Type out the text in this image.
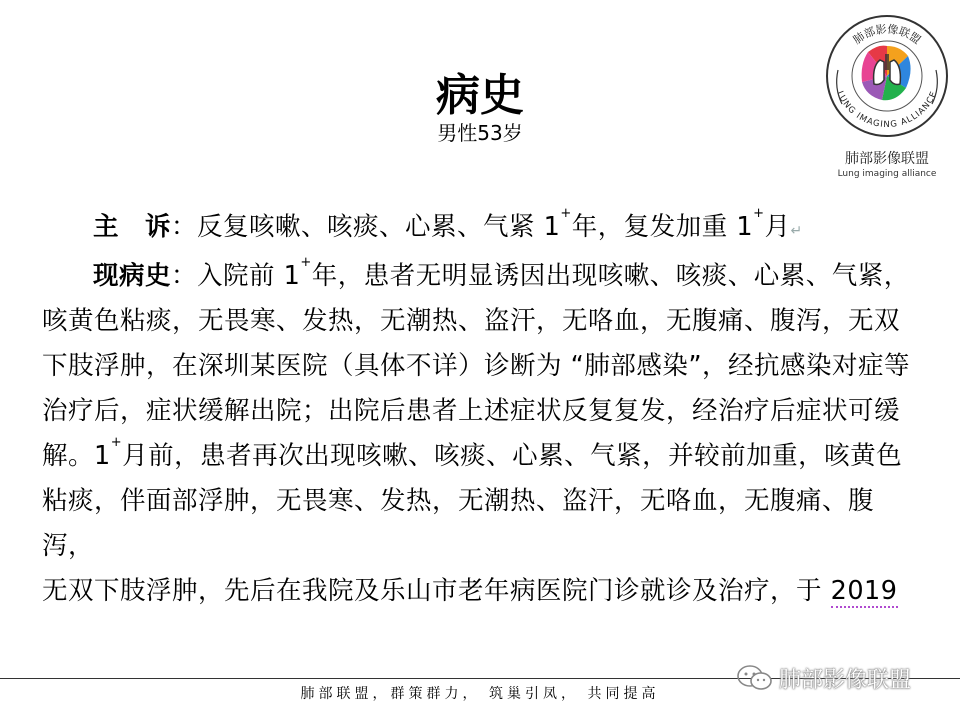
病史
男性53岁
肺部影像联盟
LUNG IMAGING ALLIANCE
肺部影像联盟
Lung imaging alliance

主　诉：反复咳嗽、咳痰、心累、气紧 1+年，复发加重 1+月↵

现病史：入院前 1+年，患者无明显诱因出现咳嗽、咳痰、心累、气紧，

咳黄色粘痰，无畏寒、发热，无潮热、盗汗，无咯血，无腹痛、腹泻，无双

下肢浮肿，在深圳某医院（具体不详）诊断为 “肺部感染”，经抗感染对症等

治疗后，症状缓解出院；出院后患者上述症状反复复发，经治疗后症状可缓

解。1+月前，患者再次出现咳嗽、咳痰、心累、气紧，并较前加重，咳黄色

粘痰，伴面部浮肿，无畏寒、发热，无潮热、盗汗，无咯血，无腹痛、腹泻，

无双下肢浮肿，先后在我院及乐山市老年病医院门诊就诊及治疗，于 2019

肺部联盟，群策群力， 筑巢引凤， 共同提高
肺部影像联盟
